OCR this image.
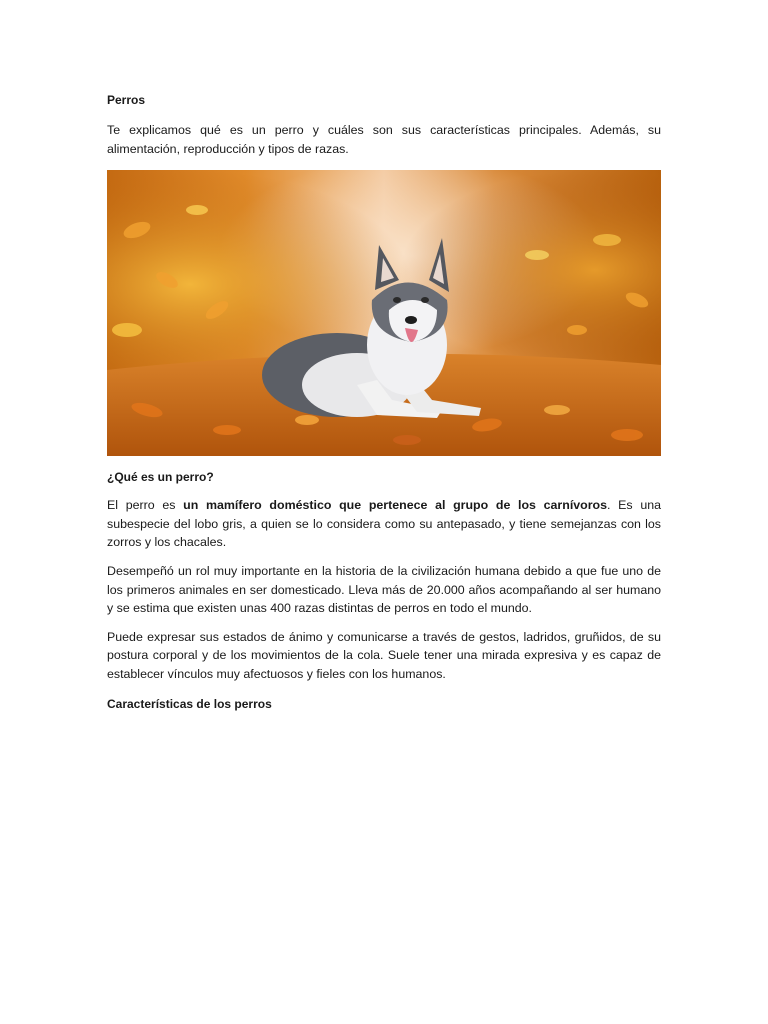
Perros

Te explicamos qué es un perro y cuáles son sus características principales. Además, su alimentación, reproducción y tipos de razas.

¿Qué es un perro?

El perro es un mamífero doméstico que pertenece al grupo de los carnívoros. Es una subespecie del lobo gris, a quien se lo considera como su antepasado, y tiene semejanzas con los zorros y los chacales.

Desempeñó un rol muy importante en la historia de la civilización humana debido a que fue uno de los primeros animales en ser domesticado. Lleva más de 20.000 años acompañando al ser humano y se estima que existen unas 400 razas distintas de perros en todo el mundo.

Puede expresar sus estados de ánimo y comunicarse a través de gestos, ladridos, gruñidos, de su postura corporal y de los movimientos de la cola. Suele tener una mirada expresiva y es capaz de establecer vínculos muy afectuosos y fieles con los humanos.

Características de los perros
